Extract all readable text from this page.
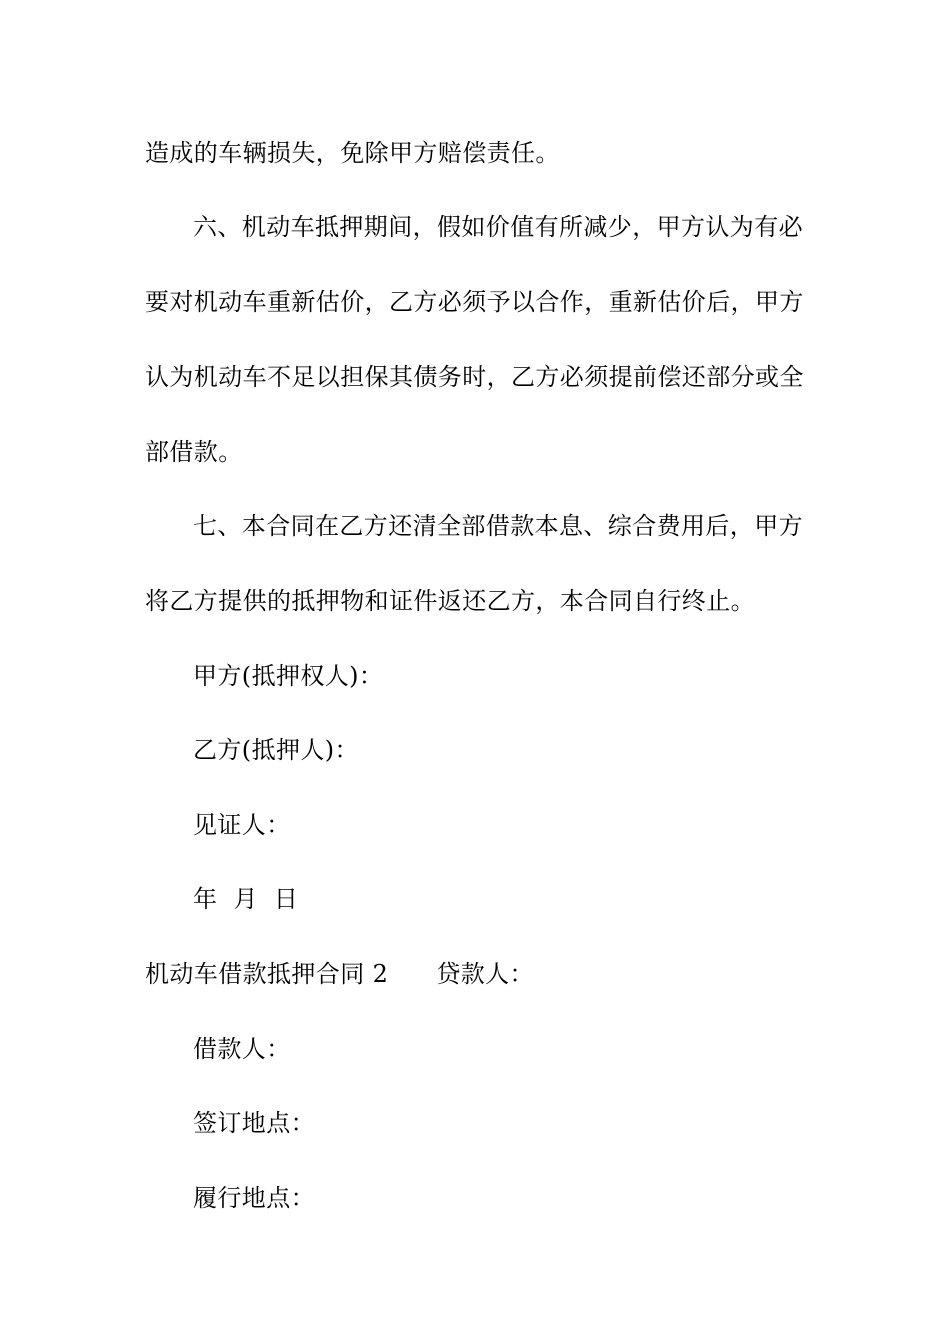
造成的车辆损失，免除甲方赔偿责任。
六、机动车抵押期间，假如价值有所减少，甲方认为有必
要对机动车重新估价，乙方必须予以合作，重新估价后，甲方
认为机动车不足以担保其债务时，乙方必须提前偿还部分或全
部借款。
七、本合同在乙方还清全部借款本息、综合费用后，甲方
将乙方提供的抵押物和证件返还乙方，本合同自行终止。
甲方(抵押权人)：
乙方(抵押人)：
见证人：
年  月  日
机动车借款抵押合同 2 贷款人：
借款人：
签订地点：
履行地点：
